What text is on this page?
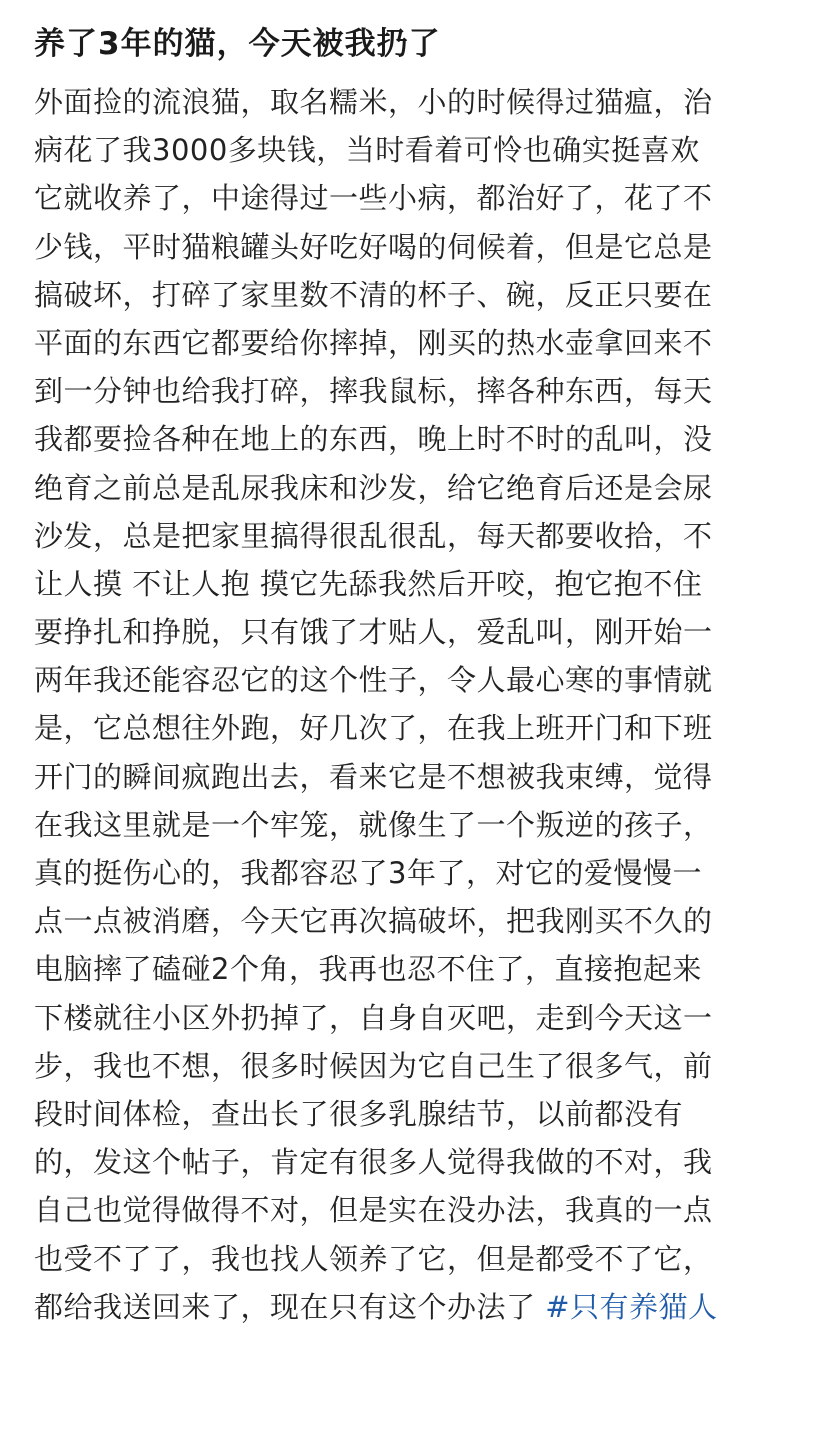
养了3年的猫，今天被我扔了
外面捡的流浪猫，取名糯米，小的时候得过猫瘟，治
病花了我3000多块钱，当时看着可怜也确实挺喜欢
它就收养了，中途得过一些小病，都治好了，花了不
少钱，平时猫粮罐头好吃好喝的伺候着，但是它总是
搞破坏，打碎了家里数不清的杯子、碗，反正只要在
平面的东西它都要给你摔掉，刚买的热水壶拿回来不
到一分钟也给我打碎，摔我鼠标，摔各种东西，每天
我都要捡各种在地上的东西，晚上时不时的乱叫，没
绝育之前总是乱尿我床和沙发，给它绝育后还是会尿
沙发，总是把家里搞得很乱很乱，每天都要收拾，不
让人摸 不让人抱 摸它先舔我然后开咬，抱它抱不住
要挣扎和挣脱，只有饿了才贴人，爱乱叫，刚开始一
两年我还能容忍它的这个性子，令人最心寒的事情就
是，它总想往外跑，好几次了，在我上班开门和下班
开门的瞬间疯跑出去，看来它是不想被我束缚，觉得
在我这里就是一个牢笼，就像生了一个叛逆的孩子，
真的挺伤心的，我都容忍了3年了，对它的爱慢慢一
点一点被消磨，今天它再次搞破坏，把我刚买不久的
电脑摔了磕碰2个角，我再也忍不住了，直接抱起来
下楼就往小区外扔掉了，自身自灭吧，走到今天这一
步，我也不想，很多时候因为它自己生了很多气，前
段时间体检，查出长了很多乳腺结节，以前都没有
的，发这个帖子，肯定有很多人觉得我做的不对，我
自己也觉得做得不对，但是实在没办法，我真的一点
也受不了了，我也找人领养了它，但是都受不了它，
都给我送回来了，现在只有这个办法了 #只有养猫人
